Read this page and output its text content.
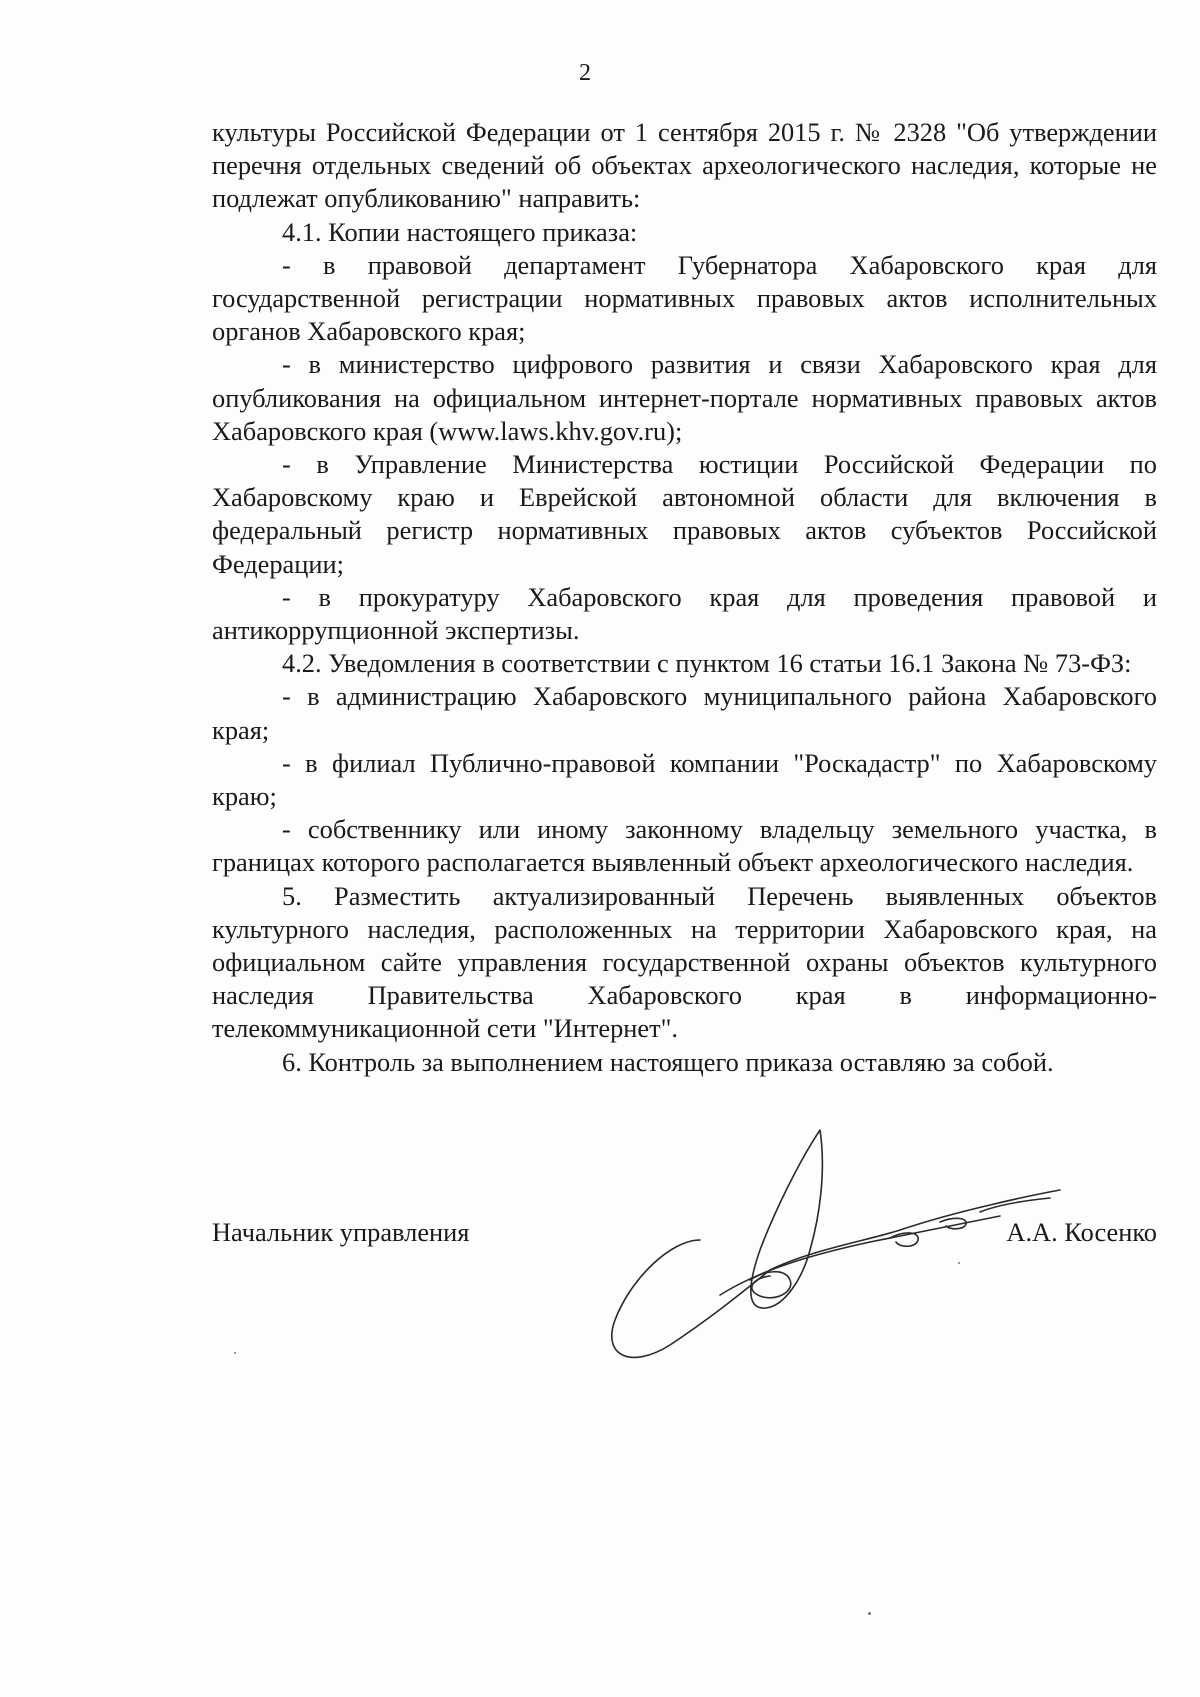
2

культуры Российской Федерации от 1 сентября 2015 г. № 2328 "Об утверждении перечня отдельных сведений об объектах археологического наследия, которые не подлежат опубликованию" направить:

4.1. Копии настоящего приказа:

- в правовой департамент Губернатора Хабаровского края для государственной регистрации нормативных правовых актов исполнительных органов Хабаровского края;

- в министерство цифрового развития и связи Хабаровского края для опубликования на официальном интернет-портале нормативных правовых актов Хабаровского края (www.laws.khv.gov.ru);

- в Управление Министерства юстиции Российской Федерации по Хабаровскому краю и Еврейской автономной области для включения в федеральный регистр нормативных правовых актов субъектов Российской Федерации;

- в прокуратуру Хабаровского края для проведения правовой и антикоррупционной экспертизы.

4.2. Уведомления в соответствии с пунктом 16 статьи 16.1 Закона № 73-ФЗ:

- в администрацию Хабаровского муниципального района Хабаровского края;

- в филиал Публично-правовой компании "Роскадастр" по Хабаровскому краю;

- собственнику или иному законному владельцу земельного участка, в границах которого располагается выявленный объект археологического наследия.

5. Разместить актуализированный Перечень выявленных объектов культурного наследия, расположенных на территории Хабаровского края, на официальном сайте управления государственной охраны объектов культурного наследия Правительства Хабаровского края в информационно-телекоммуникационной сети "Интернет".

6. Контроль за выполнением настоящего приказа оставляю за собой.

Начальник управления	А.А. Косенко
